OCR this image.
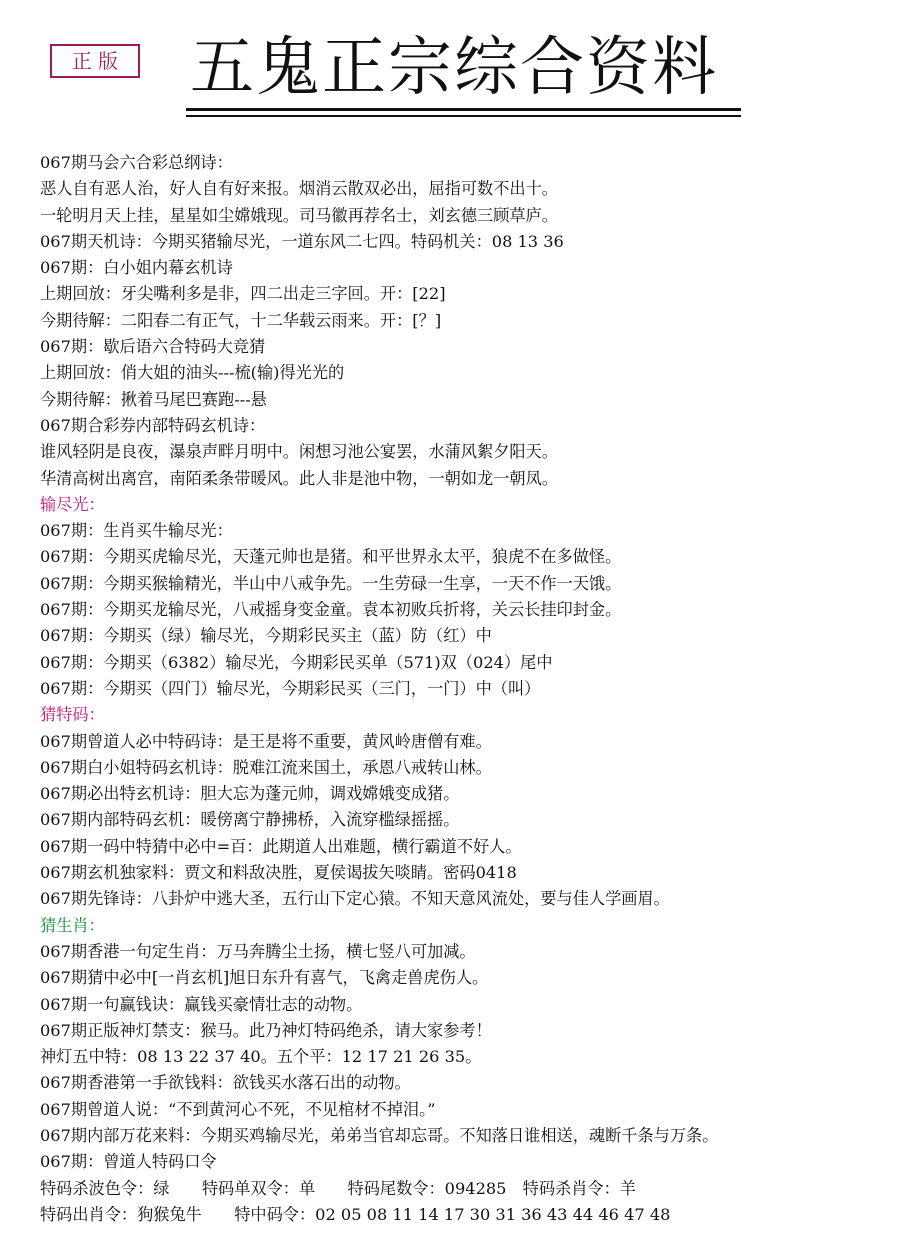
正 版	五鬼正宗综合资料
067期马会六合彩总纲诗：
恶人自有恶人治，好人自有好来报。烟消云散双必出，屈指可数不出十。
一轮明月天上挂，星星如尘嫦娥现。司马徽再荐名士，刘玄德三顾草庐。
067期天机诗：今期买猪输尽光，一道东风二七四。特码机关：08 13 36
067期：白小姐内幕玄机诗
上期回放：牙尖嘴利多是非，四二出走三字回。开：[22]
今期待解：二阳春二有正气，十二华载云雨来。开：[？]
067期：歇后语六合特码大竞猜
上期回放：俏大姐的油头---梳(输)得光光的
今期待解：揪着马尾巴赛跑---悬
067期合彩券内部特码玄机诗：
谁风轻阴是良夜，瀑泉声畔月明中。闲想习池公宴罢，水蒲风絮夕阳天。
华清高树出离宫，南陌柔条带暖风。此人非是池中物，一朝如龙一朝凤。
输尽光：
067期：生肖买牛输尽光：
067期：今期买虎输尽光，天蓬元帅也是猪。和平世界永太平，狼虎不在多做怪。
067期：今期买猴输精光，半山中八戒争先。一生劳碌一生享，一天不作一天饿。
067期：今期买龙输尽光，八戒摇身变金童。袁本初败兵折将，关云长挂印封金。
067期：今期买（绿）输尽光，今期彩民买主（蓝）防（红）中
067期：今期买（6382）输尽光，今期彩民买单（571)双（024）尾中
067期：今期买（四门）输尽光，今期彩民买（三门，一门）中（叫）
猜特码：
067期曾道人必中特码诗：是王是将不重要，黄风岭唐僧有难。
067期白小姐特码玄机诗：脱难江流来国土，承恩八戒转山林。
067期必出特玄机诗：胆大忘为蓬元帅，调戏嫦娥变成猪。
067期内部特码玄机：暖傍离宁静拂桥，入流穿槛绿摇摇。
067期一码中特猜中必中=百：此期道人出难题，横行霸道不好人。
067期玄机独家料：贾文和料敌决胜，夏侯谒拔矢啖睛。密码0418
067期先锋诗：八卦炉中逃大圣，五行山下定心猿。不知天意风流处，要与佳人学画眉。
猜生肖：
067期香港一句定生肖：万马奔腾尘土扬，横七竖八可加减。
067期猜中必中[一肖玄机]旭日东升有喜气，飞禽走兽虎伤人。
067期一句赢钱诀：赢钱买豪情壮志的动物。
067期正版神灯禁支：猴马。此乃神灯特码绝杀，请大家参考！
神灯五中特：08 13 22 37 40。五个平：12 17 21 26 35。
067期香港第一手欲钱料：欲钱买水落石出的动物。
067期曾道人说：“不到黄河心不死，不见棺材不掉泪。”
067期内部万花来料：今期买鸡输尽光，弟弟当官却忘哥。不知落日谁相送，魂断千条与万条。
067期：曾道人特码口令
特码杀波色令：绿　　特码单双令：单　　特码尾数令：094285　特码杀肖令：羊
特码出肖令：狗猴兔牛　　特中码令：02 05 08 11 14 17 30 31 36 43 44 46 47 48
